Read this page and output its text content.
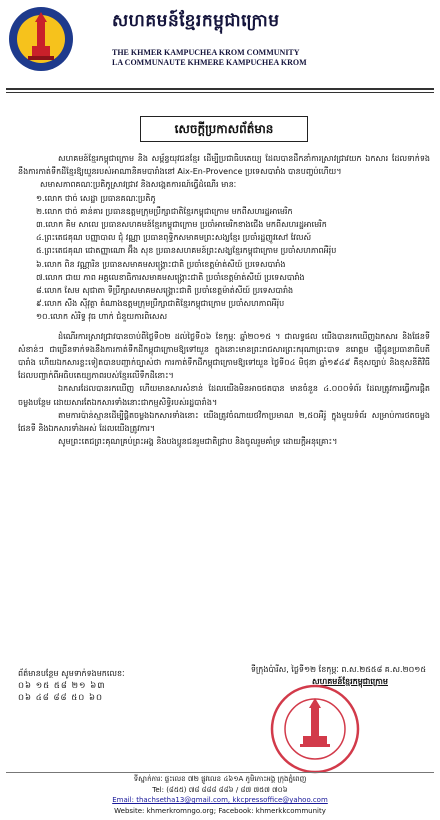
សហគមន៍ខ្មែរកម្ពុជាក្រោម
THE KHMER KAMPUCHEA KROM COMMUNITY
LA COMMUNAUTE KHMERE KAMPUCHEA KROM
សេចក្តីប្រកាសព័ត៌មាន

សហគមន៍ខ្មែរកម្ពុជាក្រោម និង សម្ព័ន្ធយុវជនខ្មែរ ដើម្បីប្រជាធិបតេយ្យ ដែលបានដឹកនាំការស្រាវជ្រាវយក ឯកសារ ដែលទាក់ទងនឹងការកាត់ទឹកដីខ្មែរឱ្យយួនរបស់អាណានិគមបារាំងនៅ Aix-En-Provence ប្រទេសបារាំង បានបញ្ចប់ហើយ។

សមាសភាពគណៈប្រតិភូស្រាវជ្រាវ និងសង្កេតការណ៍ធ្វើដំណើរ មានៈ

១.លោក ថាច់ សេដ្ឋា ប្រធានគណៈប្រតិភូ
២.លោក ថាច់ គាន់គារ ប្រធានឧត្ដមក្រុមប្រឹក្សាជាតិខ្មែរកម្ពុជាក្រោម មកពីសហរដ្ឋអាមេរិក
៣.លោក គិម សាលេ ប្រធានសហគមន៍ខ្មែរកម្ពុជាក្រោម ប្រចាំអាមេរិកខាងជើង មកពីសហរដ្ឋអាមេរិក
៤.ព្រះតេជគុណ បញ្ញាបាល ជុំ វណ្ណា ប្រធានពុទ្ធិកសមាគមព្រះសង្ឃខ្មែរ ប្រចាំរដ្ឋញូវសៅ វែលស៍
៥.ព្រះតេជគុណ ជោតញ្ញាណោ អ៊ឹង សុខ ប្រធានសហគមន៍ព្រះសង្ឃខ្មែរកម្ពុជាក្រោម ប្រចាំសហភាពអឺរ៉ុប
៦.លោក ពិន វណ្ណារិន ប្រធានសមាគមសង្គ្រោះជាតិ ប្រចាំខេត្តម៉ាត់សីយ៍ ប្រទេសបារាំង
៧.លោក ជាយ ភាព អគ្គលេខាធិការសមាគមសង្គ្រោះជាតិ ប្រចាំខេត្តម៉ាត់សីយ៍ ប្រទេសបារាំង
៨.លោក សែម សុជាតា ទីប្រឹក្សាសមាគមសង្គ្រោះជាតិ ប្រចាំខេត្តម៉ាត់សីយ៍ ប្រទេសបារាំង
៩.លោក សឹង ស៊ីវុត្ថា តំណាងឧត្ដមក្រុមប្រឹក្សាជាតិខ្មែរកម្ពុជាក្រោម ប្រចាំសហភាពអឺរ៉ុប
១០.លោក សំរិទ្ធ វុធ ហាក់ ជំនួយការពិសេស

ដំណើរការស្រាវជ្រាវបានចាប់ពីថ្ងៃទី០២ ដល់ថ្ងៃទី០៦ ខែកុម្ភៈ ឆ្នាំ២០១៥ ។ ជាលទ្ធផល យើងបានរកឃើញឯកសារ និងផែនទីសំខាន់ៗ ជាច្រើនទាក់ទងនឹងការកាត់ទឹកដីកម្ពុជាក្រោមឱ្យទៅយួន ក្នុងនោះមានព្រះរាជសារព្រះករុណាព្រះបាទ នរោត្តម ផ្ញើជូនប្រធានាធិបតីបារាំង ហើយឯកសារខ្លះទៀតបានបញ្ជាក់ច្បាស់ថា ការកាត់ទឹកដីកម្ពុជាក្រោមឱ្យទៅយួន ថ្ងៃទី០៤ មិថុនា ឆ្នាំ១៩៤៩ គឺខុសច្បាប់ និងខុសនីតិវិធី ដែលបញ្ជាក់ពីអធិបតេយ្យភាពរបស់ខ្មែរលើទឹកដីនោះ។

ឯកសារដែលបានរកឃើញ ហើយមានសារសំខាន់ ដែលយើងមិនអាចថតបាន មានចំនួន ៤.០០០ទំព័រ ដែលត្រូវការធ្វើការផ្ដិតចម្លងបន្ថែម ដោយសារតែឯកសារទាំងនោះជាកម្មសិទ្ធិរបស់រដ្ឋបារាំង។

តាមការប៉ាន់ស្មានដើម្បីផ្ដិតចម្លងឯកសារទាំងនោះ យើងត្រូវចំណាយថវិកាប្រមាណ ២,៥០អឺរ៉ូ ក្នុងមួយទំព័រ សម្រាប់ការថតចម្លងផែនទី និងឯកសារទាំងអស់ ដែលយើងត្រូវការ។

សូមព្រះតេជព្រះគុណគ្រប់ព្រះអង្គ និងបងប្អូនជនរួមជាតិជ្រាប និងចូលរួមគាំទ្រ ដោយក្តីអនុគ្រោះ។

ទីក្រុងប៉ារីស, ថ្ងៃទី១២ ខែកុម្ភៈ ព.ស.២៥៥៨ គ.ស.២០១៥
សហគមន៍ខ្មែរកម្ពុជាក្រោម
ព័ត៌មានបន្ថែម សូមទាក់ទងមកលេខៈ
០៦ ១៥ ៥៨ ២១ ៦៣
០៦ ៤៨ ៨៨ ៥០ ៦០
ទីស្នាក់ការៈ ផ្ទះលេខ ៧២ ផ្លូវលេខ ៤៦១A ភូមិកោះអង្គ ក្រុងភ្នំពេញ
Tel: (៨៥៥) ៧៨ ៨៨៨ ៨៨៦ / ៨៧ ៧៥៧ ៧០៦
Email: thachsetha13@gmail.com, kkcpressoffice@yahoo.com
Website: khmerkromngo.org; Facebook: khmerkkcommunity
